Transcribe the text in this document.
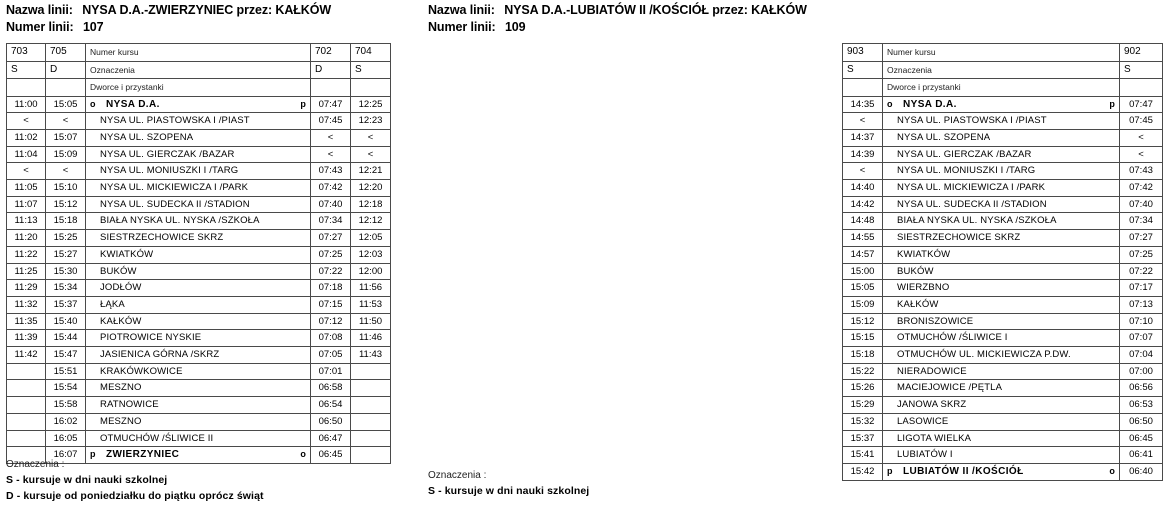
Nazwa linii: NYSA D.A.-ZWIERZYNIEC przez: KAŁKÓW
Numer linii: 107
703	705	Numer kursu	702	704
S	D	Oznaczenia	D	S
		Dworce i przystanki		
11:00	15:05	o NYSA D.A. p	07:47	12:25
<	<	NYSA UL. PIASTOWSKA I /PIAST	07:45	12:23
11:02	15:07	NYSA UL. SZOPENA	<	<
11:04	15:09	NYSA UL. GIERCZAK /BAZAR	<	<
<	<	NYSA UL. MONIUSZKI I /TARG	07:43	12:21
11:05	15:10	NYSA UL. MICKIEWICZA I /PARK	07:42	12:20
11:07	15:12	NYSA UL. SUDECKA II /STADION	07:40	12:18
11:13	15:18	BIAŁA NYSKA UL. NYSKA /SZKOŁA	07:34	12:12
11:20	15:25	SIESTRZECHOWICE SKRZ	07:27	12:05
11:22	15:27	KWIATKÓW	07:25	12:03
11:25	15:30	BUKÓW	07:22	12:00
11:29	15:34	JODŁÓW	07:18	11:56
11:32	15:37	ŁĄKA	07:15	11:53
11:35	15:40	KAŁKÓW	07:12	11:50
11:39	15:44	PIOTROWICE NYSKIE	07:08	11:46
11:42	15:47	JASIENICA GÓRNA /SKRZ	07:05	11:43
	15:51	KRAKÓWKOWICE	07:01	
	15:54	MESZNO	06:58	
	15:58	RATNOWICE	06:54	
	16:02	MESZNO	06:50	
	16:05	OTMUCHÓW /ŚLIWICE II	06:47	
	16:07	p ZWIERZYNIEC o	06:45	
Oznaczenia :
S - kursuje w dni nauki szkolnej
D - kursuje od poniedziałku do piątku oprócz świąt
Nazwa linii: NYSA D.A.-LUBIATÓW II /KOŚCIÓŁ przez: KAŁKÓW
Numer linii: 109
903	Numer kursu	902
S	Oznaczenia	S
	Dworce i przystanki	
14:35	o NYSA D.A. p	07:47
<	NYSA UL. PIASTOWSKA I /PIAST	07:45
14:37	NYSA UL. SZOPENA	<
14:39	NYSA UL. GIERCZAK /BAZAR	<
<	NYSA UL. MONIUSZKI I /TARG	07:43
14:40	NYSA UL. MICKIEWICZA I /PARK	07:42
14:42	NYSA UL. SUDECKA II /STADION	07:40
14:48	BIAŁA NYSKA UL. NYSKA /SZKOŁA	07:34
14:55	SIESTRZECHOWICE SKRZ	07:27
14:57	KWIATKÓW	07:25
15:00	BUKÓW	07:22
15:05	WIERZBNO	07:17
15:09	KAŁKÓW	07:13
15:12	BRONISZOWICE	07:10
15:15	OTMUCHÓW /ŚLIWICE I	07:07
15:18	OTMUCHÓW UL. MICKIEWICZA P.DW.	07:04
15:22	NIERADOWICE	07:00
15:26	MACIEJOWICE /PĘTLA	06:56
15:29	JANOWA SKRZ	06:53
15:32	LASOWICE	06:50
15:37	LIGOTA WIELKA	06:45
15:41	LUBIATÓW I	06:41
15:42	p LUBIATÓW II /KOŚCIÓŁ o	06:40
Oznaczenia :
S - kursuje w dni nauki szkolnej
